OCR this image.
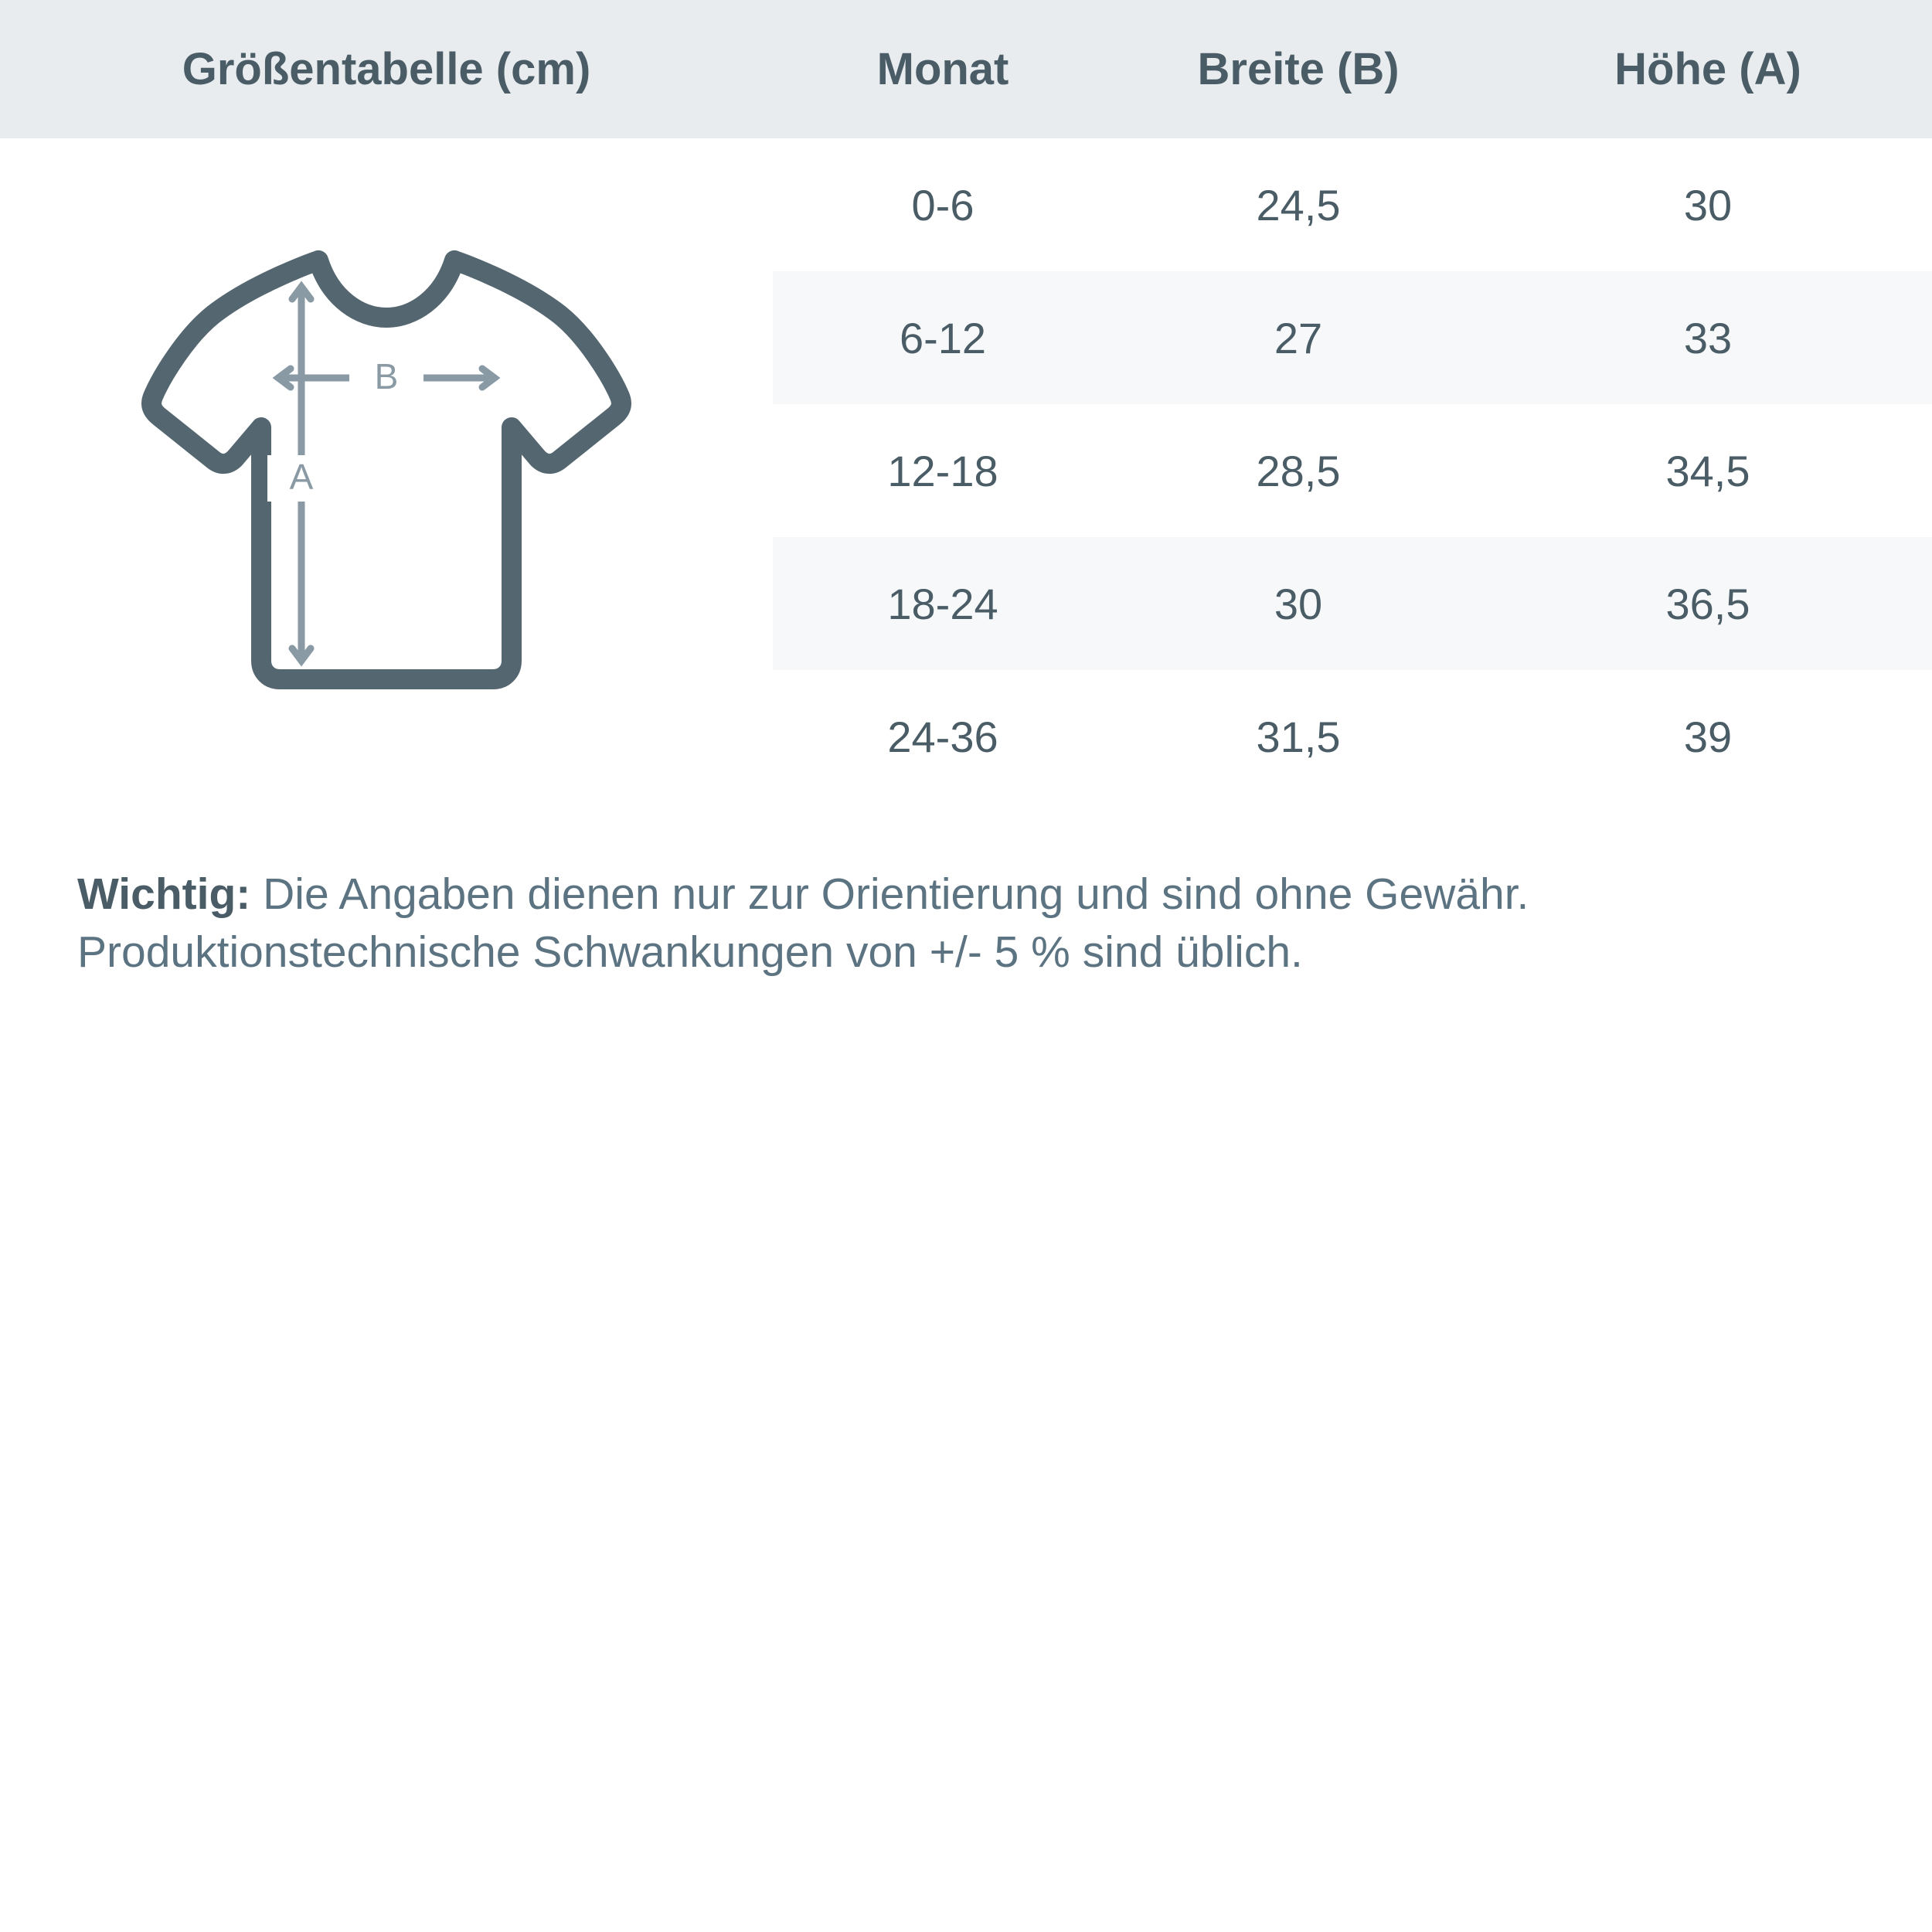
Größentabelle (cm)	Monat	Breite (B)	Höhe (A)

B
A	0-6	24,5	30
	6-12	27	33
	12-18	28,5	34,5
	18-24	30	36,5
	24-36	31,5	39
Wichtig: Die Angaben dienen nur zur Orientierung und sind ohne Gewähr.
Produktionstechnische Schwankungen von +/- 5 % sind üblich.
